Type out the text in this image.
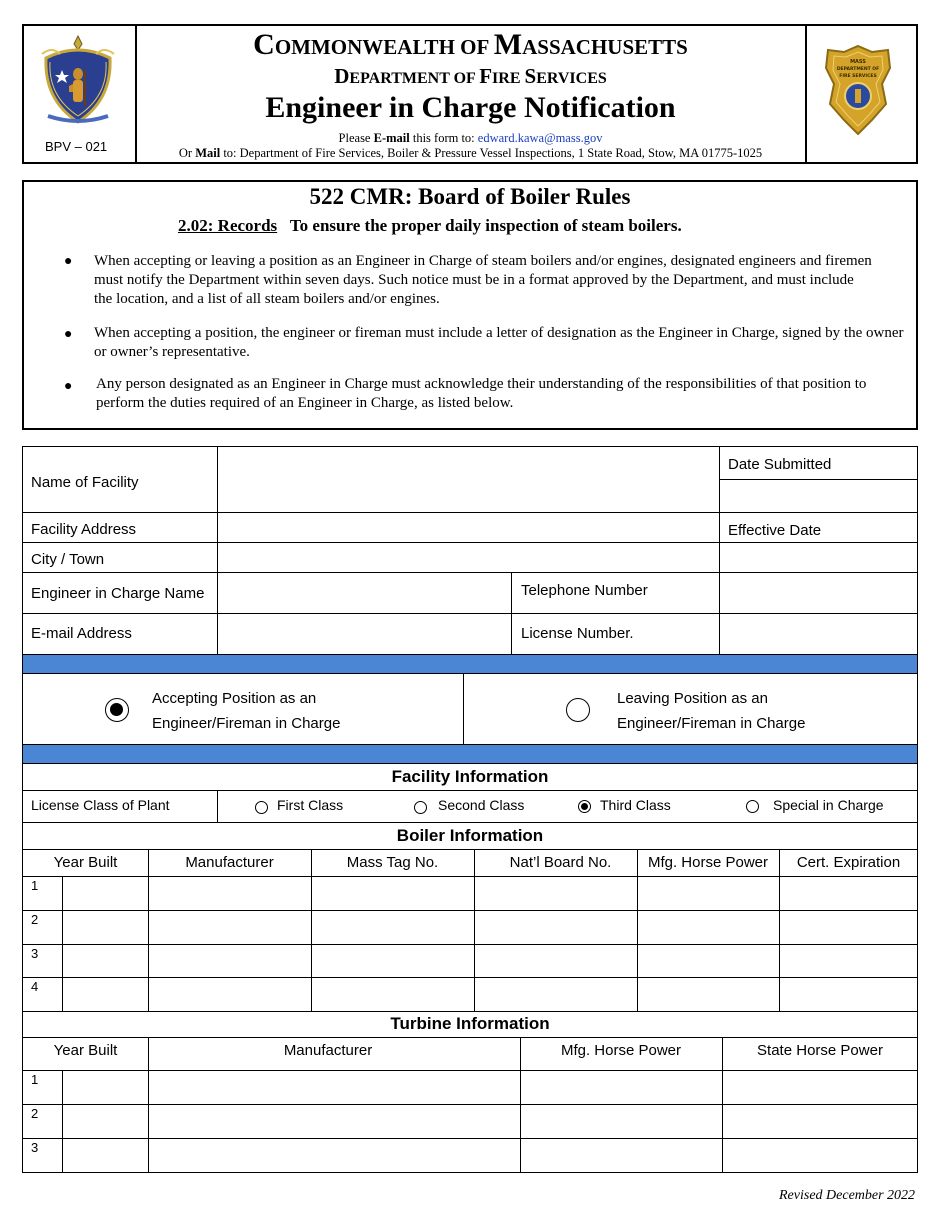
BPV – 021
COMMONWEALTH OF MASSACHUSETTS
DEPARTMENT OF FIRE SERVICES
Engineer in Charge Notification
Please E-mail this form to: edward.kawa@mass.gov
Or Mail to: Department of Fire Services, Boiler & Pressure Vessel Inspections, 1 State Road, Stow, MA 01775-1025
MASS
DEPARTMENT OF
FIRE SERVICES
522 CMR: Board of Boiler Rules
2.02: Records To ensure the proper daily inspection of steam boilers.
● When accepting or leaving a position as an Engineer in Charge of steam boilers and/or engines, designated engineers and firemen must notify the Department within seven days. Such notice must be in a format approved by the Department, and must include the location, and a list of all steam boilers and/or engines.
● When accepting a position, the engineer or fireman must include a letter of designation as the Engineer in Charge, signed by the owner or owner’s representative.
● Any person designated as an Engineer in Charge must acknowledge their understanding of the responsibilities of that position to perform the duties required of an Engineer in Charge, as listed below.
Name of Facility
Date Submitted
Facility Address	Effective Date
City / Town
Engineer in Charge Name	Telephone Number
E-mail Address	License Number.
Accepting Position as an
Engineer/Fireman in Charge
Leaving Position as an
Engineer/Fireman in Charge
Facility Information
License Class of Plant	First Class	Second Class	Third Class	Special in Charge
Boiler Information
Year Built	Manufacturer	Mass Tag No.	Nat’l Board No.	Mfg. Horse Power	Cert. Expiration
1
2
3
4
Turbine Information
Year Built	Manufacturer	Mfg. Horse Power	State Horse Power
1
2
3
Revised December 2022
